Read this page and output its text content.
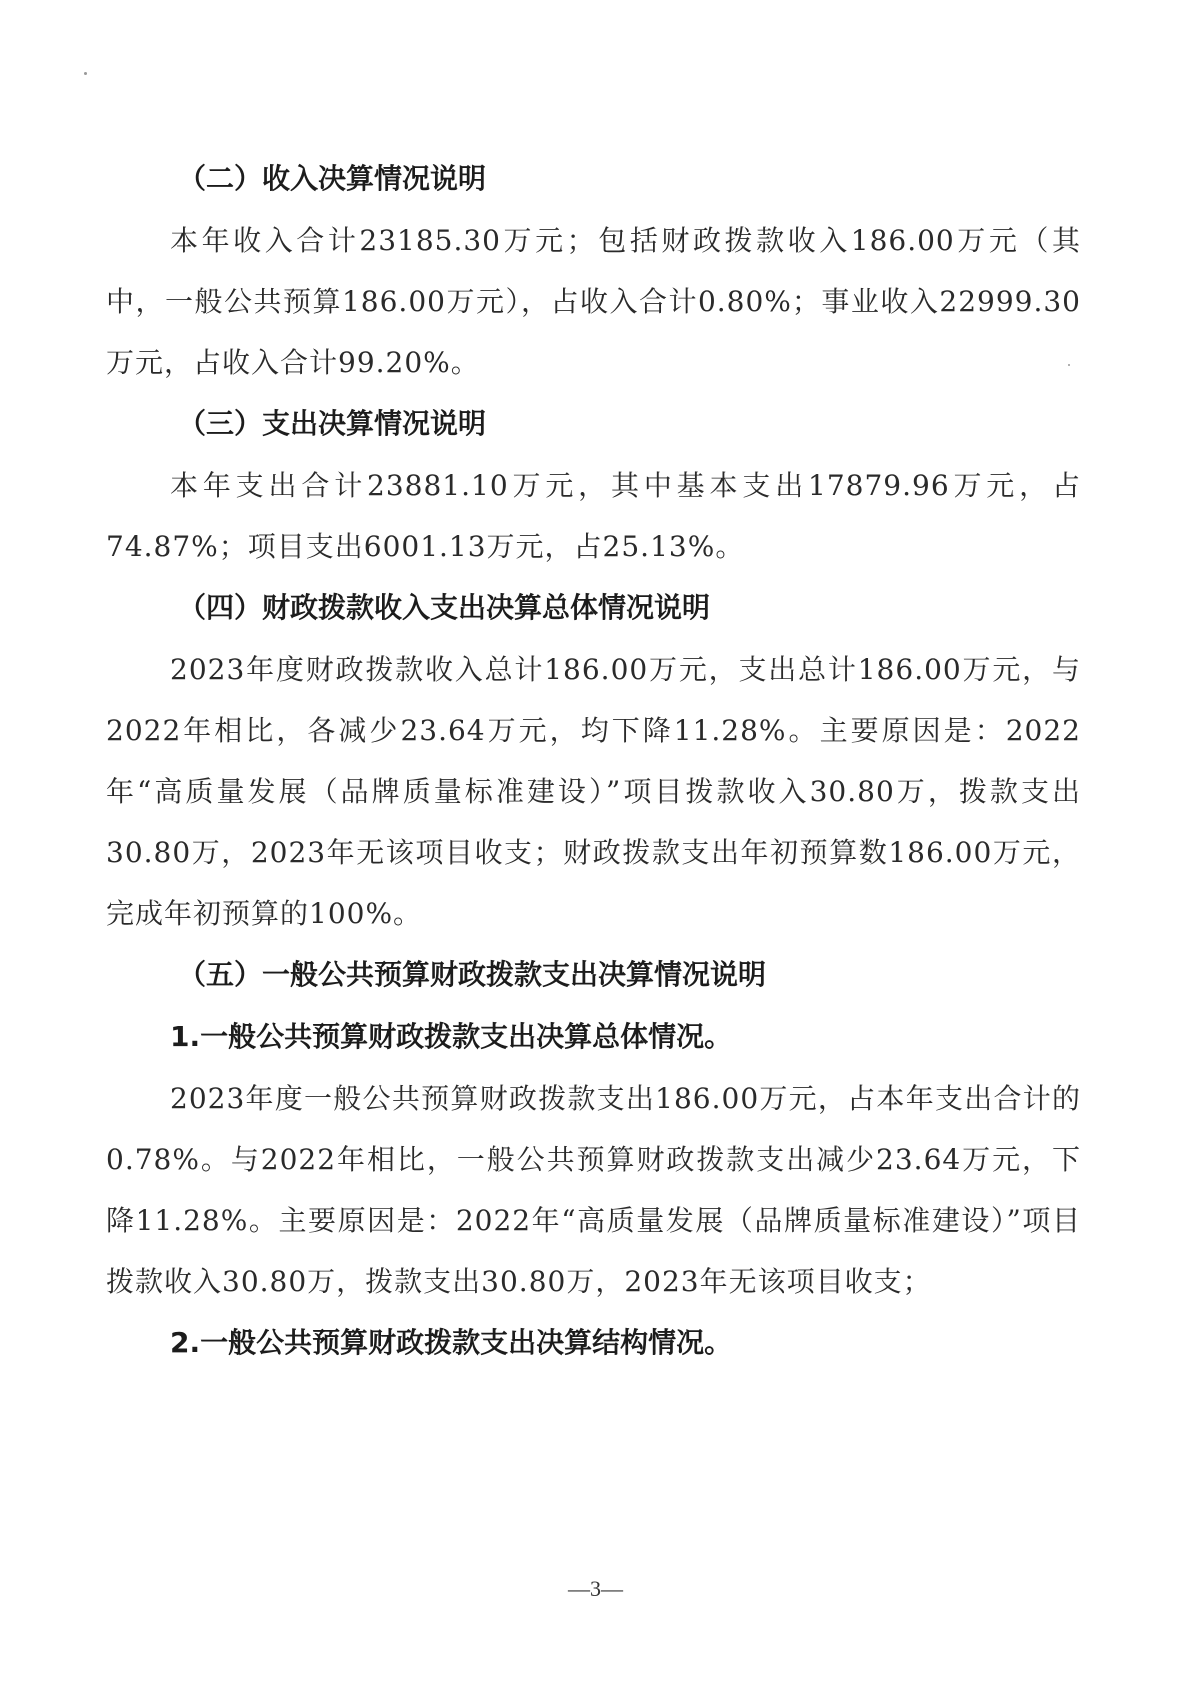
（二）收入决算情况说明

本年收入合计23185.30万元；包括财政拨款收入186.00万元（其中，一般公共预算186.00万元），占收入合计0.80%；事业收入22999.30万元，占收入合计99.20%。

（三）支出决算情况说明

本年支出合计23881.10万元，其中基本支出17879.96万元，占74.87%；项目支出6001.13万元，占25.13%。

（四）财政拨款收入支出决算总体情况说明

2023年度财政拨款收入总计186.00万元，支出总计186.00万元，与2022年相比，各减少23.64万元，均下降11.28%。主要原因是：2022年“高质量发展（品牌质量标准建设）”项目拨款收入30.80万，拨款支出30.80万，2023年无该项目收支；财政拨款支出年初预算数186.00万元，完成年初预算的100%。

（五）一般公共预算财政拨款支出决算情况说明

1.一般公共预算财政拨款支出决算总体情况。

2023年度一般公共预算财政拨款支出186.00万元，占本年支出合计的0.78%。与2022年相比，一般公共预算财政拨款支出减少23.64万元，下降11.28%。主要原因是：2022年“高质量发展（品牌质量标准建设）”项目拨款收入30.80万，拨款支出30.80万，2023年无该项目收支；

2.一般公共预算财政拨款支出决算结构情况。

—3—
